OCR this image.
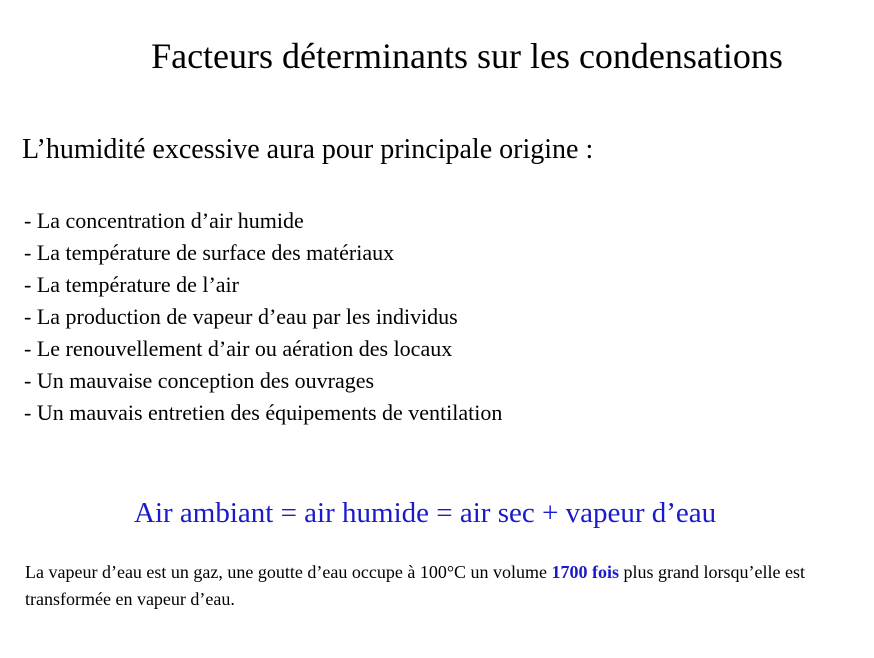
Facteurs déterminants sur les condensations
L’humidité excessive aura pour principale origine :
- La concentration d’air humide
- La température de surface des matériaux
- La température de l’air
- La production de vapeur d’eau par les individus
- Le renouvellement d’air ou aération des locaux
- Un mauvaise conception des ouvrages
- Un mauvais entretien des équipements de ventilation
Air ambiant = air humide = air sec + vapeur d’eau
La vapeur d’eau est un gaz, une goutte d’eau occupe à 100°C un volume 1700 fois plus grand lorsqu’elle est transformée en vapeur d’eau.
